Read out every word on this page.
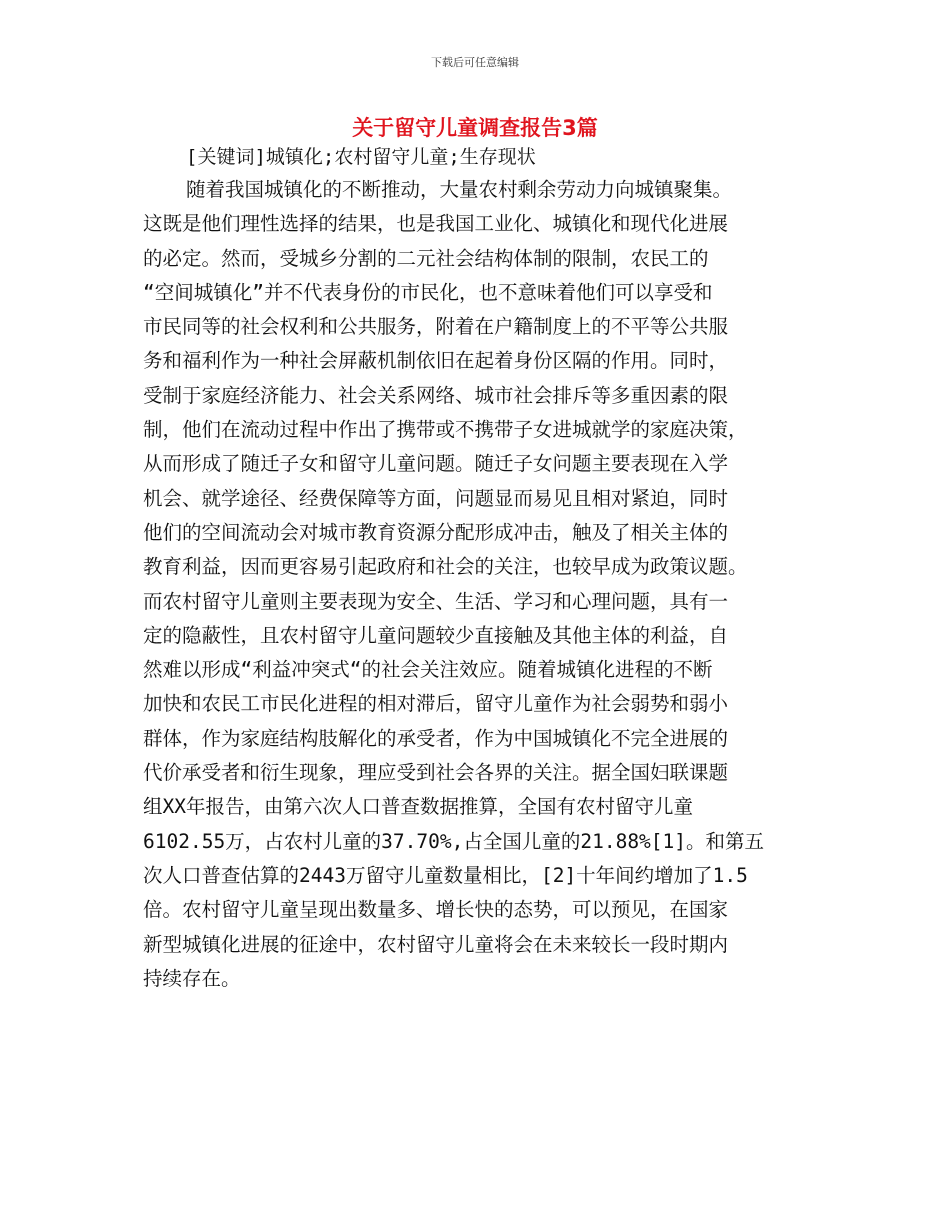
下载后可任意编辑
关于留守儿童调查报告3篇
[关键词]城镇化;农村留守儿童;生存现状
随着我国城镇化的不断推动，大量农村剩余劳动力向城镇聚集。
这既是他们理性选择的结果，也是我国工业化、城镇化和现代化进展
的必定。然而，受城乡分割的二元社会结构体制的限制，农民工的
“空间城镇化”并不代表身份的市民化，也不意味着他们可以享受和
市民同等的社会权利和公共服务，附着在户籍制度上的不平等公共服
务和福利作为一种社会屏蔽机制依旧在起着身份区隔的作用。同时，
受制于家庭经济能力、社会关系网络、城市社会排斥等多重因素的限
制，他们在流动过程中作出了携带或不携带子女进城就学的家庭决策，
从而形成了随迁子女和留守儿童问题。随迁子女问题主要表现在入学
机会、就学途径、经费保障等方面，问题显而易见且相对紧迫，同时
他们的空间流动会对城市教育资源分配形成冲击，触及了相关主体的
教育利益，因而更容易引起政府和社会的关注，也较早成为政策议题。
而农村留守儿童则主要表现为安全、生活、学习和心理问题，具有一
定的隐蔽性，且农村留守儿童问题较少直接触及其他主体的利益，自
然难以形成“利益冲突式“的社会关注效应。随着城镇化进程的不断
加快和农民工市民化进程的相对滞后，留守儿童作为社会弱势和弱小
群体，作为家庭结构肢解化的承受者，作为中国城镇化不完全进展的
代价承受者和衍生现象，理应受到社会各界的关注。据全国妇联课题
组XX年报告，由第六次人口普查数据推算，全国有农村留守儿童
6102.55万，占农村儿童的37.70%,占全国儿童的21.88%[1]。和第五
次人口普查估算的2443万留守儿童数量相比，[2]十年间约增加了1.5
倍。农村留守儿童呈现出数量多、增长快的态势，可以预见，在国家
新型城镇化进展的征途中，农村留守儿童将会在未来较长一段时期内
持续存在。
